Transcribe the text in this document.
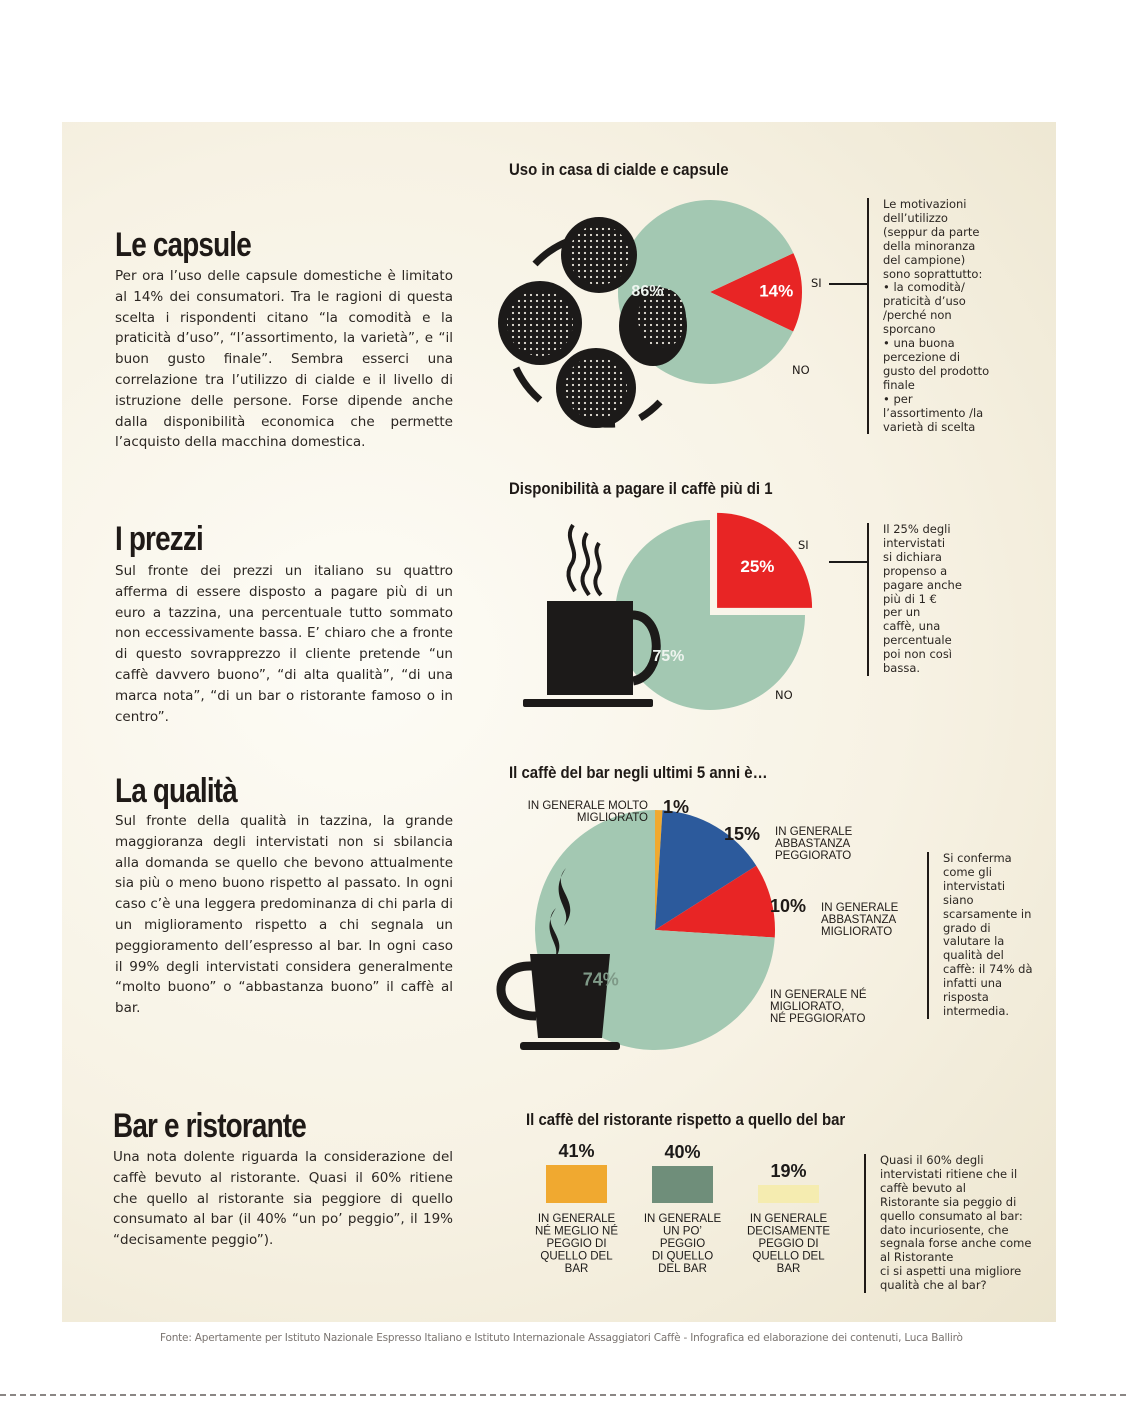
Le capsule

Per ora l’uso delle capsule domestiche è limitato al 14% dei consumatori. Tra le ragioni di questa scelta i rispondenti citano “la comodità e la praticità d’uso”, “l’assortimento, la varietà”, e “il buon gusto finale”. Sembra esserci una correlazione tra l’utilizzo di cialde e il livello di istruzione delle persone. Forse dipende anche dalla disponibilità economica che permette l’acquisto della macchina domestica.

Uso in casa di cialde e capsule
14%
86%
SI
NO
Le motivazioni
dell’utilizzo
(seppur da parte
della minoranza
del campione)
sono soprattutto:
• la comodità/
praticità d’uso
/perché non
sporcano
• una buona
percezione di
gusto del prodotto
finale
• per
l’assortimento /la
varietà di scelta
I prezzi

Sul fronte dei prezzi un italiano su quattro afferma di essere disposto a pagare più di un euro a tazzina, una percentuale tutto sommato non eccessivamente bassa. E’ chiaro che a fronte di questo sovrapprezzo il cliente pretende “un caffè davvero buono”, “di alta qualità”, “di una marca nota”, “di un bar o ristorante famoso o in centro”.

Disponibilità a pagare il caffè più di 1
25%
75%
SI
NO
Il 25% degli
intervistati
si dichiara
propenso a
pagare anche
più di 1 €
per un
caffè, una
percentuale
poi non così
bassa.
La qualità

Sul fronte della qualità in tazzina, la grande maggioranza degli intervistati non si sbilancia alla domanda se quello che bevono attualmente sia più o meno buono rispetto al passato. In ogni caso c’è una leggera predominanza di chi parla di un miglioramento rispetto a chi segnala un peggioramento dell’espresso al bar. In ogni caso il 99% degli intervistati considera generalmente “molto buono” o “abbastanza buono” il caffè al bar.

Il caffè del bar negli ultimi 5 anni è…
74%
IN GENERALE MOLTO
MIGLIORATO
1%
15% IN GENERALE
ABBASTANZA
PEGGIORATO
10% IN GENERALE
ABBASTANZA
MIGLIORATO
IN GENERALE NÉ
MIGLIORATO,
NÉ PEGGIORATO
Si conferma
come gli
intervistati
siano
scarsamente in
grado di
valutare la
qualità del
caffè: il 74% dà
infatti una
risposta
intermedia.
Bar e ristorante

Una nota dolente riguarda la considerazione del caffè bevuto al ristorante. Quasi il 60% ritiene che quello al ristorante sia peggiore di quello consumato al bar (il 40% “un po’ peggio”, il 19% “decisamente peggio”).

Il caffè del ristorante rispetto a quello del bar
41%
IN GENERALE NÉ MEGLIO NÉ PEGGIO DI QUELLO DEL BAR
40%
IN GENERALE UN PO’ PEGGIO DI QUELLO DEL BAR
19%
IN GENERALE DECISAMENTE PEGGIO DI QUELLO DEL BAR
Quasi il 60% degli
intervistati ritiene che il
caffè bevuto al
Ristorante sia peggio di
quello consumato al bar:
dato incuriosente, che
segnala forse anche come
al Ristorante
ci si aspetti una migliore
qualità che al bar?
Fonte: Apertamente per Istituto Nazionale Espresso Italiano e Istituto Internazionale Assaggiatori Caffè - Infografica ed elaborazione dei contenuti, Luca Ballirò
